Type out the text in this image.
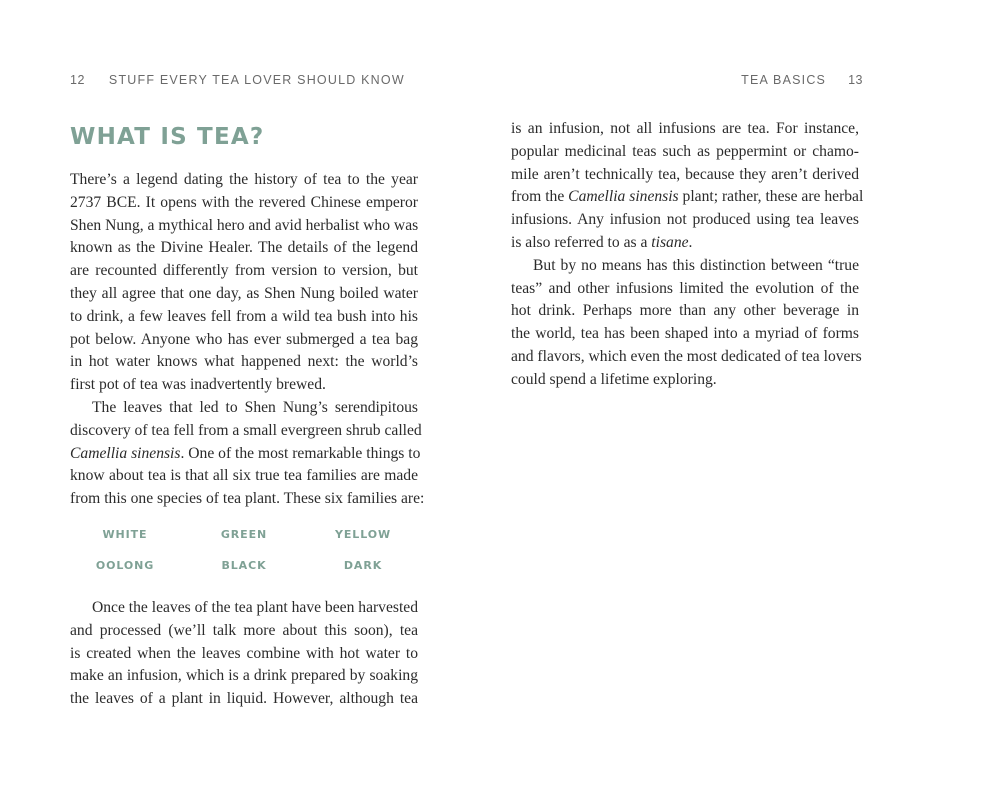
12 STUFF EVERY TEA LOVER SHOULD KNOW
WHAT IS TEA?
There’s a legend dating the history of tea to the year
2737 BCE. It opens with the revered Chinese emperor
Shen Nung, a mythical hero and avid herbalist who was
known as the Divine Healer. The details of the legend
are recounted differently from version to version, but
they all agree that one day, as Shen Nung boiled water
to drink, a few leaves fell from a wild tea bush into his
pot below. Anyone who has ever submerged a tea bag
in hot water knows what happened next: the world’s
first pot of tea was inadvertently brewed.
The leaves that led to Shen Nung’s serendipitous
discovery of tea fell from a small evergreen shrub called
Camellia sinensis. One of the most remarkable things to
know about tea is that all six true tea families are made
from this one species of tea plant. These six families are:
WHITE	GREEN	YELLOW
OOLONG	BLACK	DARK
Once the leaves of the tea plant have been harvested
and processed (we’ll talk more about this soon), tea
is created when the leaves combine with hot water to
make an infusion, which is a drink prepared by soaking
the leaves of a plant in liquid. However, although tea
TEA BASICS 13
is an infusion, not all infusions are tea. For instance,
popular medicinal teas such as peppermint or chamo-
mile aren’t technically tea, because they aren’t derived
from the Camellia sinensis plant; rather, these are herbal
infusions. Any infusion not produced using tea leaves
is also referred to as a tisane.
But by no means has this distinction between “true
teas” and other infusions limited the evolution of the
hot drink. Perhaps more than any other beverage in
the world, tea has been shaped into a myriad of forms
and flavors, which even the most dedicated of tea lovers
could spend a lifetime exploring.
